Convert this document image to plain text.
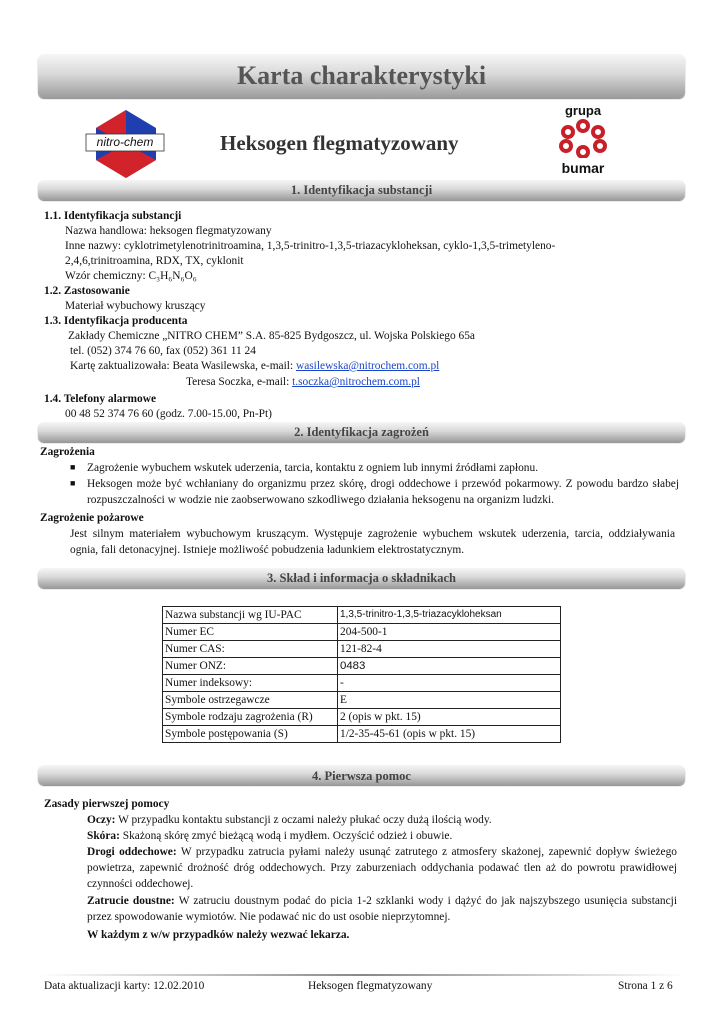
Karta charakterystyki
nitro-chem	Heksogen flegmatyzowany
grupa
bumar
1. Identyfikacja substancji
1.1. Identyfikacja substancji
Nazwa handlowa: heksogen flegmatyzowany
Inne nazwy: cyklotrimetylenotrinitroamina, 1,3,5-trinitro-1,3,5-triazacykloheksan, cyklo-1,3,5-trimetyleno-
2,4,6,trinitroamina, RDX, TX, cyklonit
Wzór chemiczny: C₃H₆N₆O₆
1.2. Zastosowanie
Materiał wybuchowy kruszący
1.3. Identyfikacja producenta
Zakłady Chemiczne „NITRO CHEM” S.A. 85-825 Bydgoszcz, ul. Wojska Polskiego 65a
tel. (052) 374 76 60, fax (052) 361 11 24
Kartę zaktualizowała: Beata Wasilewska, e-mail: wasilewska@nitrochem.com.pl
Teresa Soczka, e-mail: t.soczka@nitrochem.com.pl
1.4. Telefony alarmowe
00 48 52 374 76 60 (godz. 7.00-15.00, Pn-Pt)
2. Identyfikacja zagrożeń
Zagrożenia
■ Zagrożenie wybuchem wskutek uderzenia, tarcia, kontaktu z ogniem lub innymi źródłami zapłonu.
■ Heksogen może być wchłaniany do organizmu przez skórę, drogi oddechowe i przewód pokarmowy. Z powodu bardzo słabej rozpuszczalności w wodzie nie zaobserwowano szkodliwego działania heksogenu na organizm ludzki.
Zagrożenie pożarowe
Jest silnym materiałem wybuchowym kruszącym. Występuje zagrożenie wybuchem wskutek uderzenia, tarcia, oddziaływania ognia, fali detonacyjnej. Istnieje możliwość pobudzenia ładunkiem elektrostatycznym.
3. Skład i informacja o składnikach
Nazwa substancji wg IU-PAC	1,3,5-trinitro-1,3,5-triazacykloheksan
Numer EC	204-500-1
Numer CAS:	121-82-4
Numer ONZ:	0483
Numer indeksowy:	-
Symbole ostrzegawcze	E
Symbole rodzaju zagrożenia (R)	2 (opis w pkt. 15)
Symbole postępowania (S)	1/2-35-45-61 (opis w pkt. 15)
4. Pierwsza pomoc
Zasady pierwszej pomocy
Oczy: W przypadku kontaktu substancji z oczami należy płukać oczy dużą ilością wody.
Skóra: Skażoną skórę zmyć bieżącą wodą i mydłem. Oczyścić odzież i obuwie.
Drogi oddechowe: W przypadku zatrucia pyłami należy usunąć zatrutego z atmosfery skażonej, zapewnić dopływ świeżego powietrza, zapewnić drożność dróg oddechowych. Przy zaburzeniach oddychania podawać tlen aż do powrotu prawidłowej czynności oddechowej.
Zatrucie doustne: W zatruciu doustnym podać do picia 1-2 szklanki wody i dążyć do jak najszybszego usunięcia substancji przez spowodowanie wymiotów. Nie podawać nic do ust osobie nieprzytomnej.
W każdym z w/w przypadków należy wezwać lekarza.
Data aktualizacji karty: 12.02.2010	Heksogen flegmatyzowany	Strona 1 z 6
